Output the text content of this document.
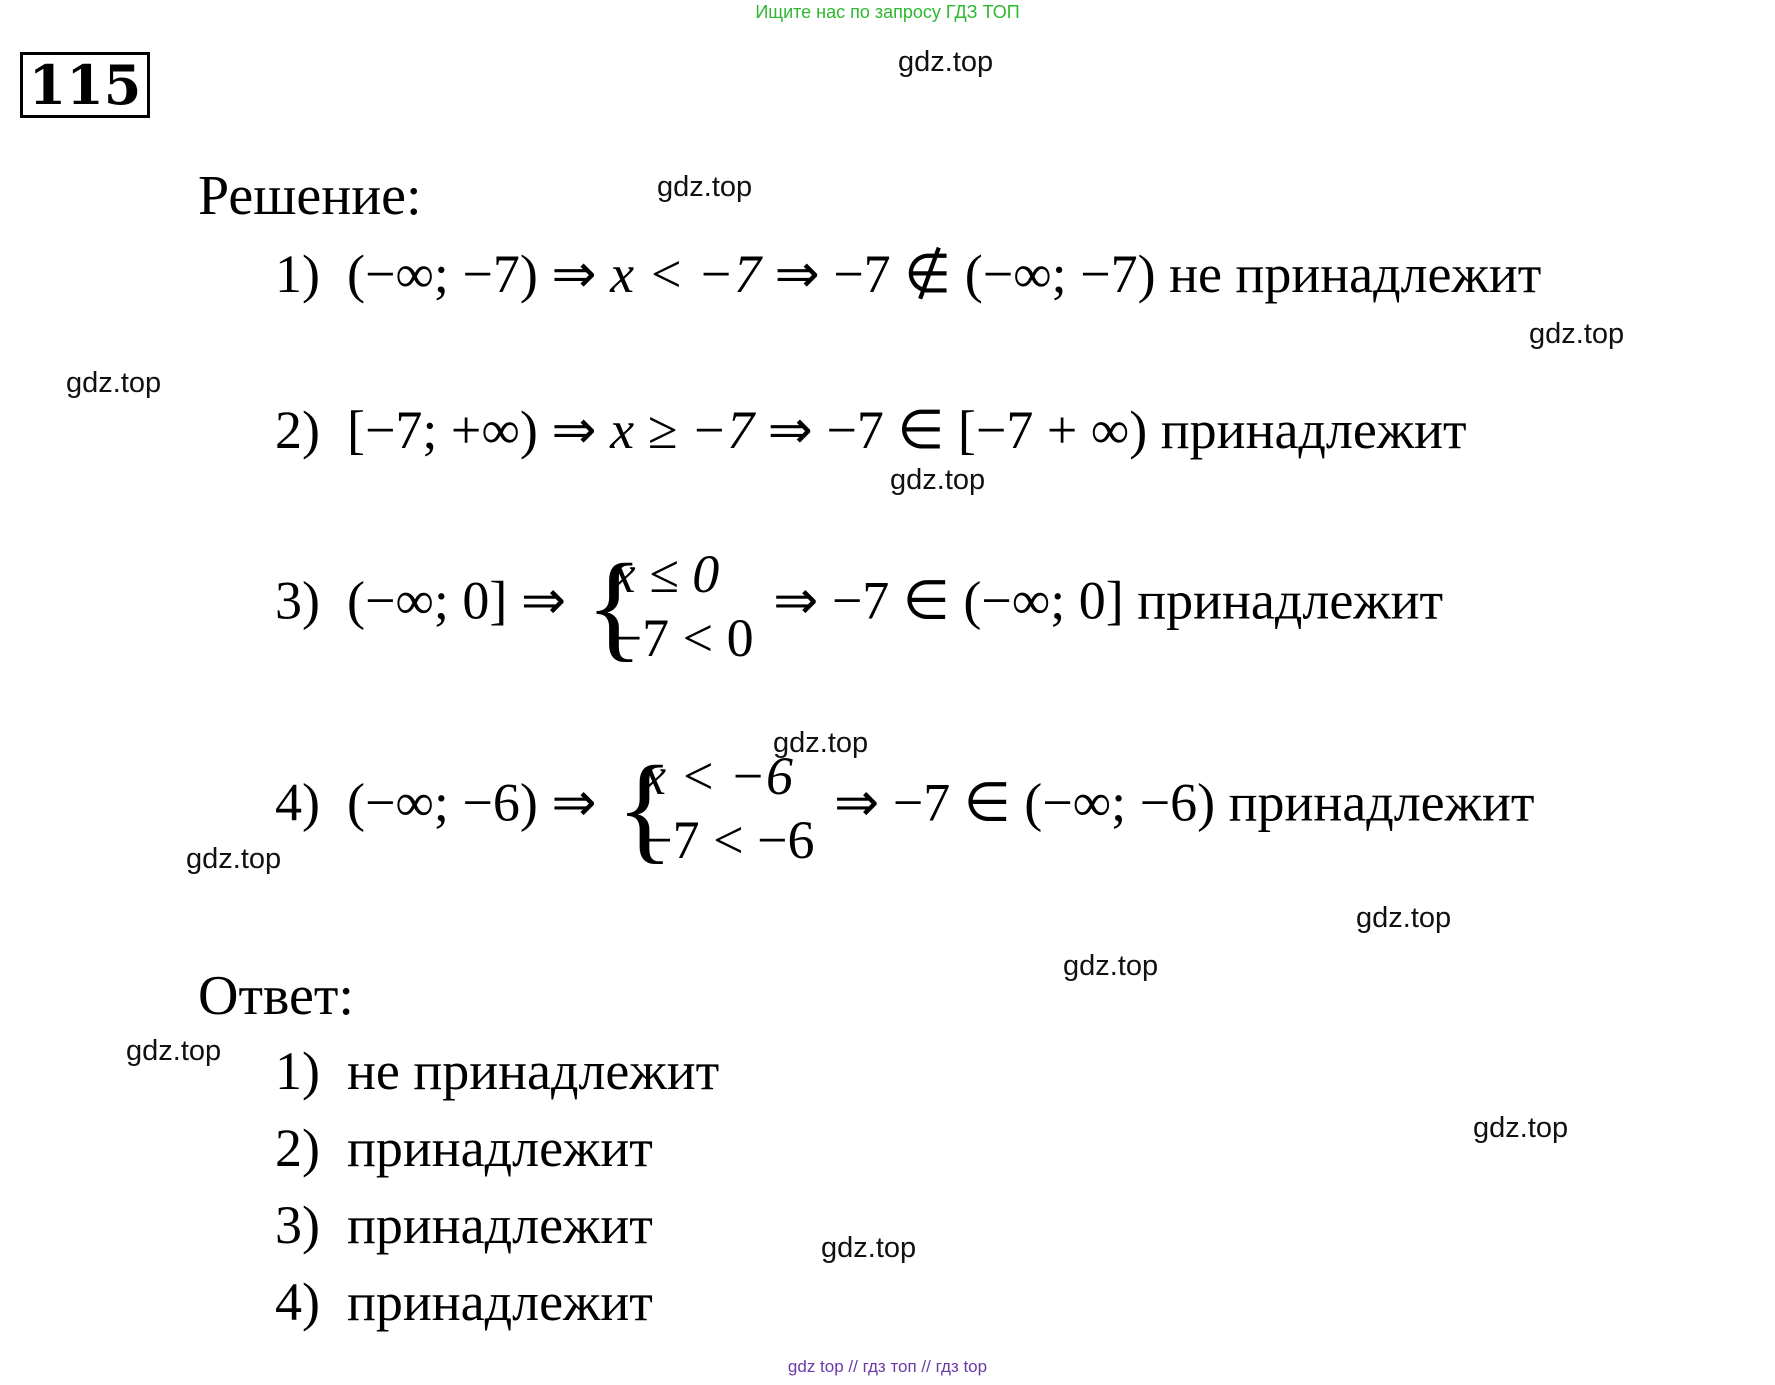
Ищите нас по запросу ГДЗ ТОП
115	gdz.top
gdz.top
gdz.top
gdz.top
gdz.top
gdz.top
gdz.top
gdz.top
gdz.top
gdz.top
gdz.top
gdz.top
Решение:
1) (−∞; −7) ⇒ x < −7 ⇒ −7 ∉ (−∞; −7) не принадлежит
2) [−7; +∞) ⇒ x ≥ −7 ⇒ −7 ∈ [−7 + ∞) принадлежит
3) (−∞; 0] ⇒ {
x ≤ 0
−7 < 0
⇒ −7 ∈ (−∞; 0] принадлежит
4) (−∞; −6) ⇒ {
x < −6
−7 < −6
⇒ −7 ∈ (−∞; −6) принадлежит
Ответ:
1) не принадлежит
2) принадлежит
3) принадлежит
4) принадлежит
gdz top // гдз топ // гдз top
